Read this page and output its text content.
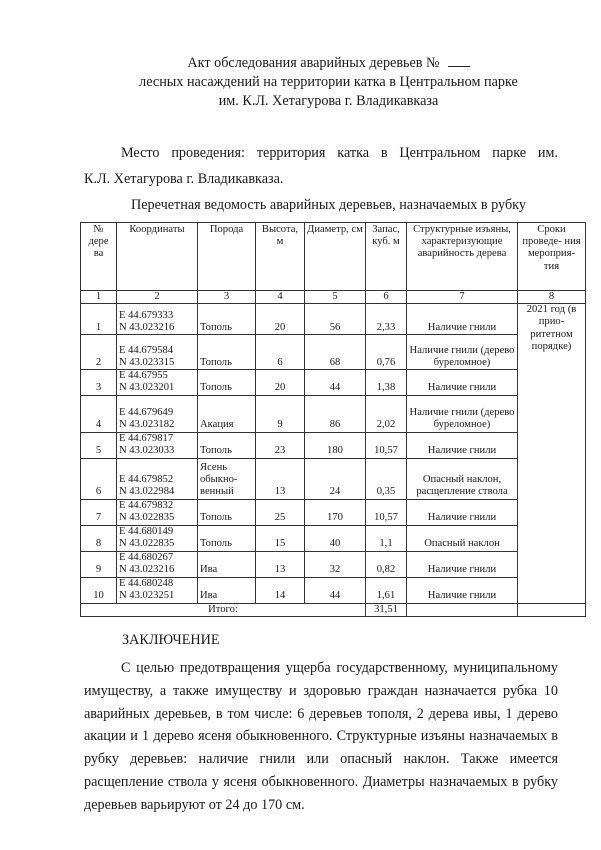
Акт обследования аварийных деревьев №
лесных насаждений на территории катка в Центральном парке
им. К.Л. Хетагурова г. Владикавказа
Место проведения: территория катка в Центральном парке им.
К.Л. Хетагурова г. Владикавказа.
Перечетная ведомость аварийных деревьев, назначаемых в рубку
№ дере ва	Координаты	Порода	Высота, м	Диаметр, см	Запас, куб. м	Структурные изъяны, характеризующие аварийность дерева	Сроки проведе- ния мероприя- тия
1	2	3	4	5	6	7	8
1	E 44.679333
N 43.023216	Тополь	20	56	2,33	Наличие гнили	2021 год (в прио- ритетном порядке)
2	E 44.679584
N 43.023315	Тополь	6	68	0,76	Наличие гнили (дерево буреломное)	
3	E 44.67955
N 43.023201	Тополь	20	44	1,38	Наличие гнили	
4	E 44.679649
N 43.023182	Акация	9	86	2,02	Наличие гнили (дерево буреломное)	
5	E 44.679817
N 43.023033	Тополь	23	180	10,57	Наличие гнили	
6	E 44.679852
N 43.022984	Ясень обыкно- венный	13	24	0,35	Опасный наклон, расщепление ствола	
7	E 44.679832
N 43.022835	Тополь	25	170	10,57	Наличие гнили	
8	E 44.680149
N 43.022835	Тополь	15	40	1,1	Опасный наклон	
9	E 44.680267
N 43.023216	Ива	13	32	0,82	Наличие гнили	
10	E 44.680248
N 43.023251	Ива	14	44	1,61	Наличие гнили	
Итого:					31,51		
ЗАКЛЮЧЕНИЕ
С целью предотвращения ущерба государственному, муниципальному имуществу, а также имуществу и здоровью граждан назначается рубка 10 аварийных деревьев, в том числе: 6 деревьев тополя, 2 дерева ивы, 1 дерево акации и 1 дерево ясеня обыкновенного. Структурные изъяны назначаемых в рубку деревьев: наличие гнили или опасный наклон. Также имеется расщепление ствола у ясеня обыкновенного. Диаметры назначаемых в рубку деревьев варьируют от 24 до 170 см.
